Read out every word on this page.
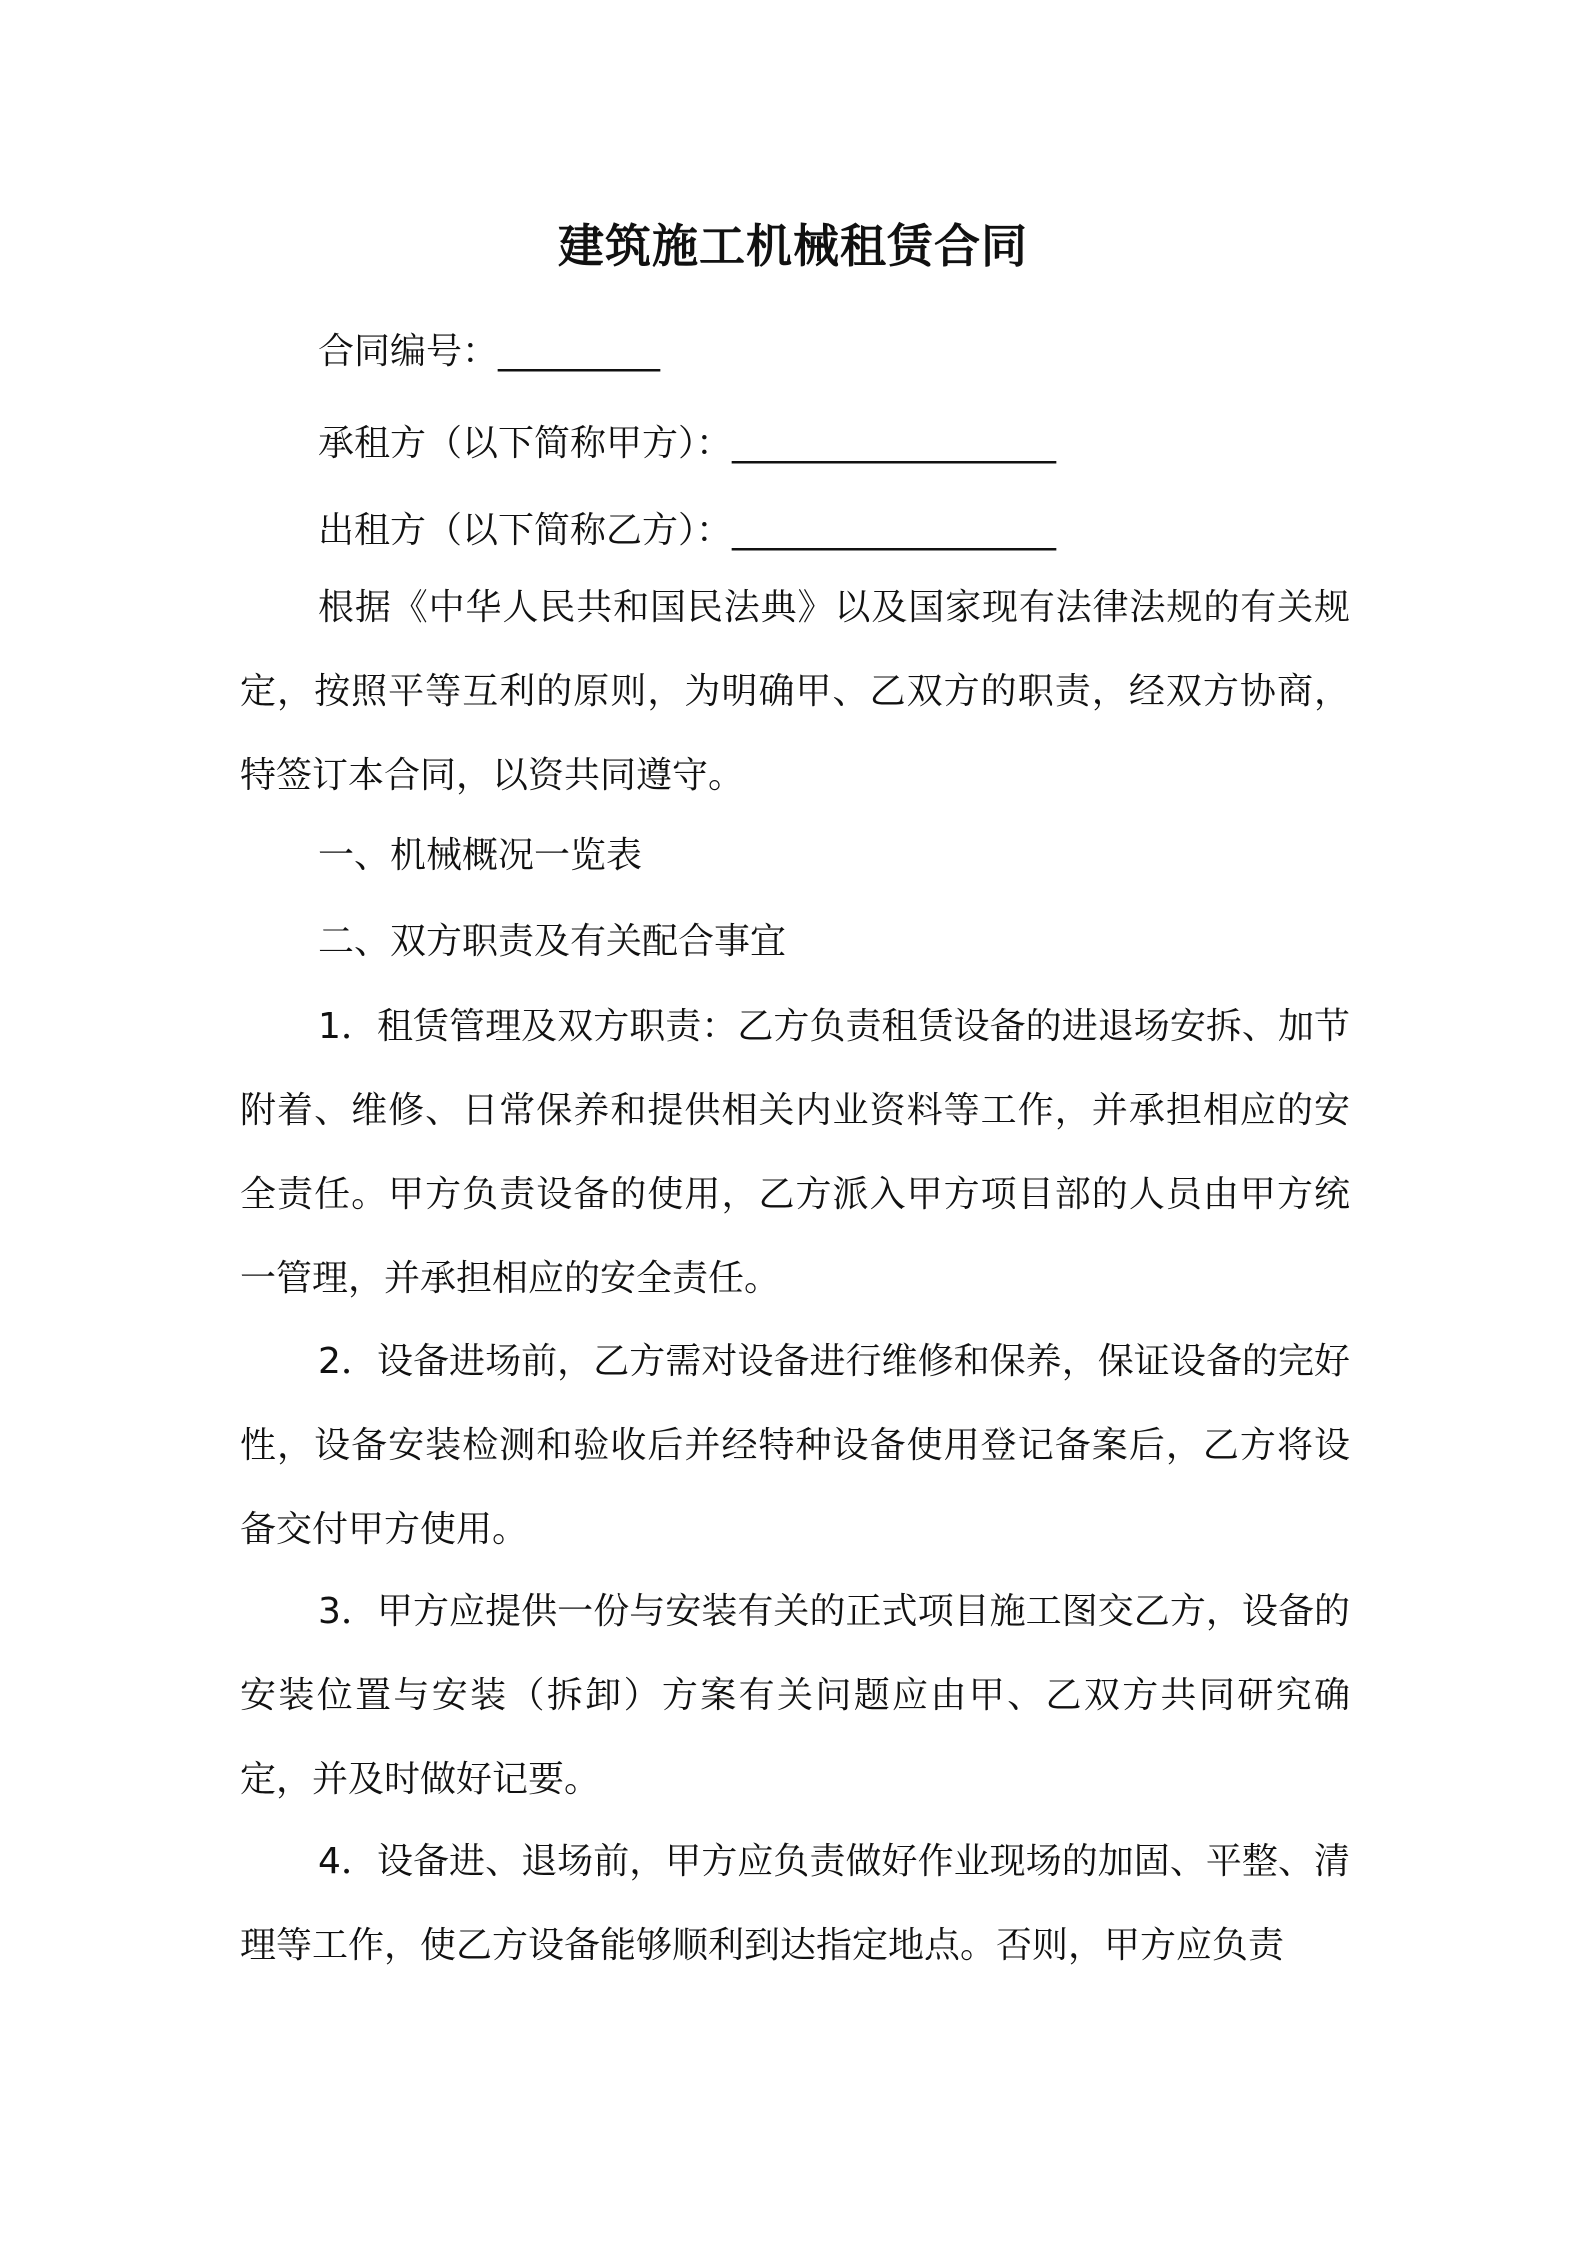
建筑施工机械租赁合同

合同编号：_________

承租方（以下简称甲方）：__________________

出租方（以下简称乙方）：__________________

根据《中华人民共和国民法典》以及国家现有法律法规的有关规定，按照平等互利的原则，为明确甲、乙双方的职责，经双方协商，特签订本合同，以资共同遵守。

一、机械概况一览表

二、双方职责及有关配合事宜

1．租赁管理及双方职责：乙方负责租赁设备的进退场安拆、加节附着、维修、日常保养和提供相关内业资料等工作，并承担相应的安全责任。甲方负责设备的使用，乙方派入甲方项目部的人员由甲方统一管理，并承担相应的安全责任。

2．设备进场前，乙方需对设备进行维修和保养，保证设备的完好性，设备安装检测和验收后并经特种设备使用登记备案后，乙方将设备交付甲方使用。

3．甲方应提供一份与安装有关的正式项目施工图交乙方，设备的安装位置与安装（拆卸）方案有关问题应由甲、乙双方共同研究确定，并及时做好记要。

4．设备进、退场前，甲方应负责做好作业现场的加固、平整、清理等工作，使乙方设备能够顺利到达指定地点。否则，甲方应负责
